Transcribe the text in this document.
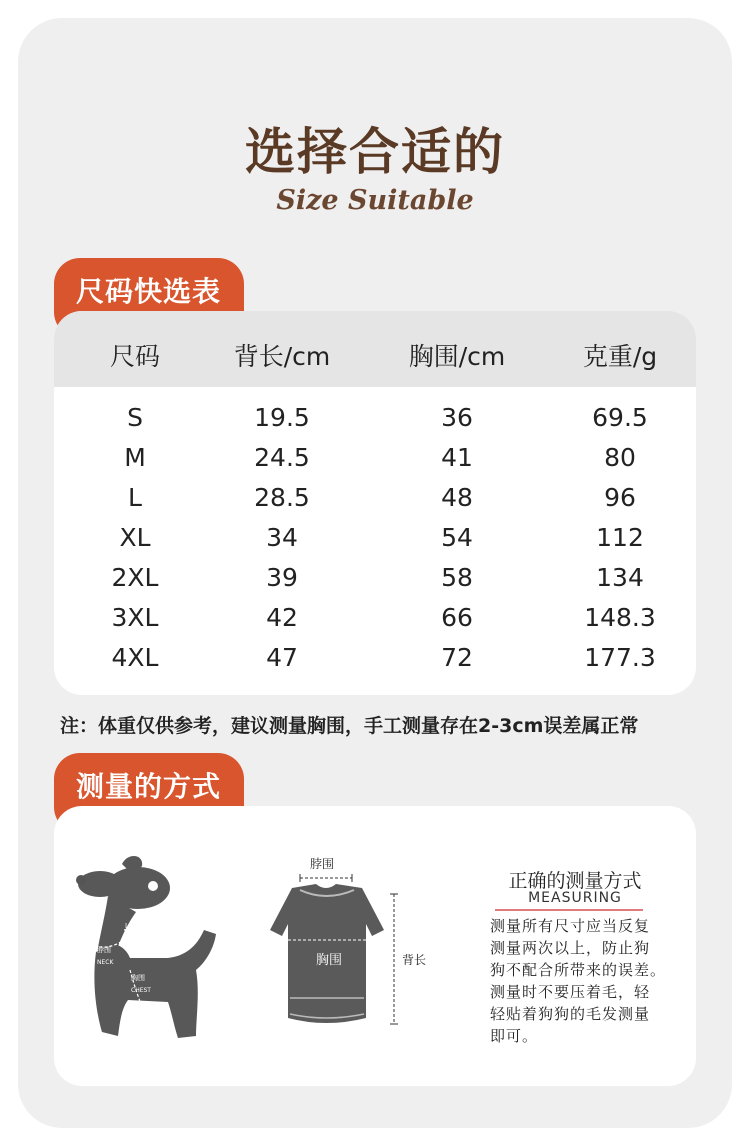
选择合适的
Size Suitable
尺码快选表
尺码	背长/cm	胸围/cm	克重/g
S	19.5	36	69.5
M	24.5	41	80
L	28.5	48	96
XL	34	54	112
2XL	39	58	134
3XL	42	66	148.3
4XL	47	72	177.3
注：体重仅供参考，建议测量胸围，手工测量存在2-3cm误差属正常
测量的方式
LENGTH背长
脖围
NECK
胸围
CHEST
脖围
胸围	背长
正确的测量方式
MEASURING
测量所有尺寸应当反复
测量两次以上，防止狗
狗不配合所带来的误差。
测量时不要压着毛，轻
轻贴着狗狗的毛发测量
即可。
